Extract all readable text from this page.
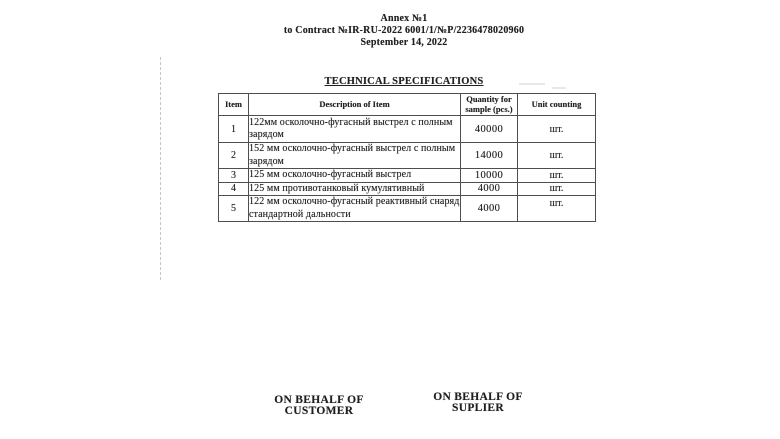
Annex №1
to Contract №IR-RU-2022 6001/1/№P/2236478020960
September 14, 2022
TECHNICAL SPECIFICATIONS
Item	Description of Item	Quantity for sample (pcs.)	Unit counting
1	122мм осколочно-фугасный выстрел с полным зарядом	40000	шт.
2	152 мм осколочно-фугасный выстрел с полным зарядом	14000	шт.
3	125 мм осколочно-фугасный выстрел	10000	шт.
4	125 мм противотанковый кумулятивный	4000	шт.
5	122 мм осколочно-фугасный реактивный снаряд стандартной дальности	4000	шт.
ON BEHALF OF
CUSTOMER
ON BEHALF OF
SUPLIER
